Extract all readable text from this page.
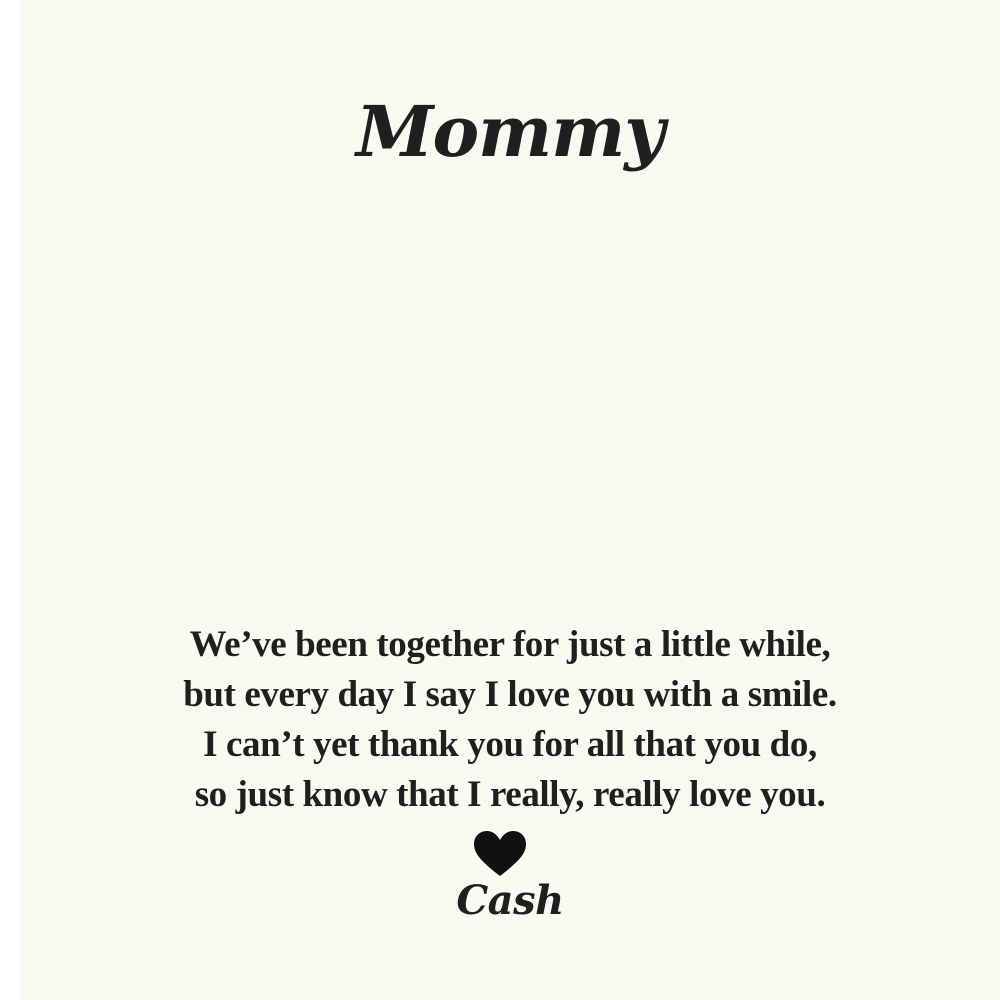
Mommy
We’ve been together for just a little while,
but every day I say I love you with a smile.
I can’t yet thank you for all that you do,
so just know that I really, really love you.
Cash
